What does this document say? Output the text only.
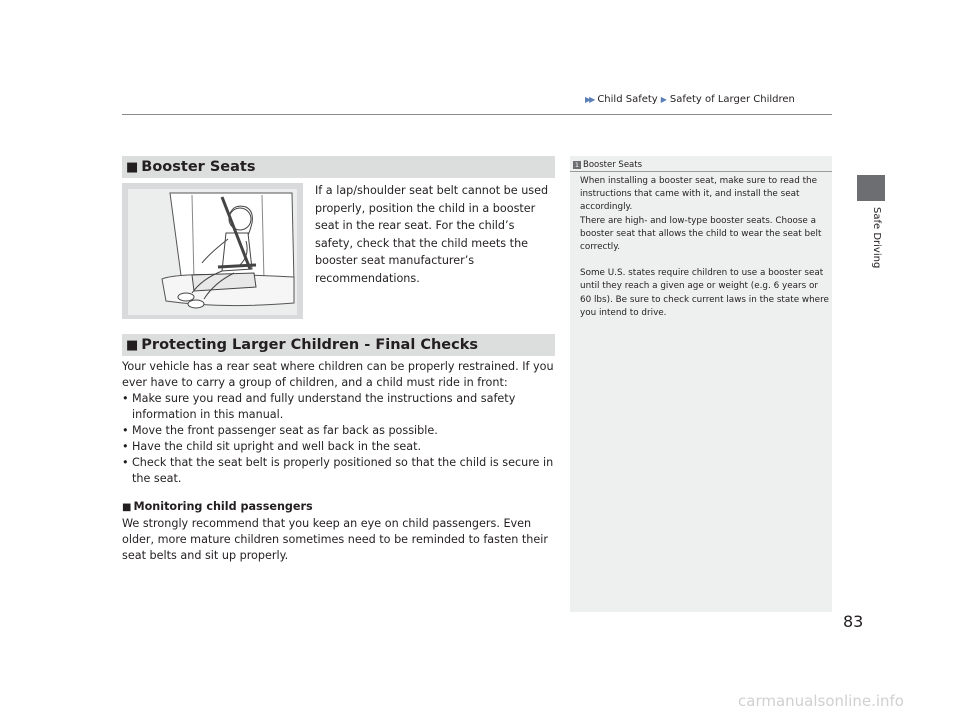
▶▶ Child Safety ▶ Safety of Larger Children
Safe Driving
■ Booster Seats
If a lap/shoulder seat belt cannot be used properly, position the child in a booster seat in the rear seat. For the child’s safety, check that the child meets the booster seat manufacturer’s recommendations.
■ Protecting Larger Children - Final Checks

Your vehicle has a rear seat where children can be properly restrained. If you ever have to carry a group of children, and a child must ride in front:

• Make sure you read and fully understand the instructions and safety information in this manual.
• Move the front passenger seat as far back as possible.
• Have the child sit upright and well back in the seat.
• Check that the seat belt is properly positioned so that the child is secure in the seat.
■ Monitoring child passengers
We strongly recommend that you keep an eye on child passengers. Even older, more mature children sometimes need to be reminded to fasten their seat belts and sit up properly.
1 Booster Seats

When installing a booster seat, make sure to read the instructions that came with it, and install the seat accordingly.

There are high- and low-type booster seats. Choose a booster seat that allows the child to wear the seat belt correctly.

Some U.S. states require children to use a booster seat until they reach a given age or weight (e.g. 6 years or 60 lbs). Be sure to check current laws in the state where you intend to drive.

83
carmanualsonline.info
